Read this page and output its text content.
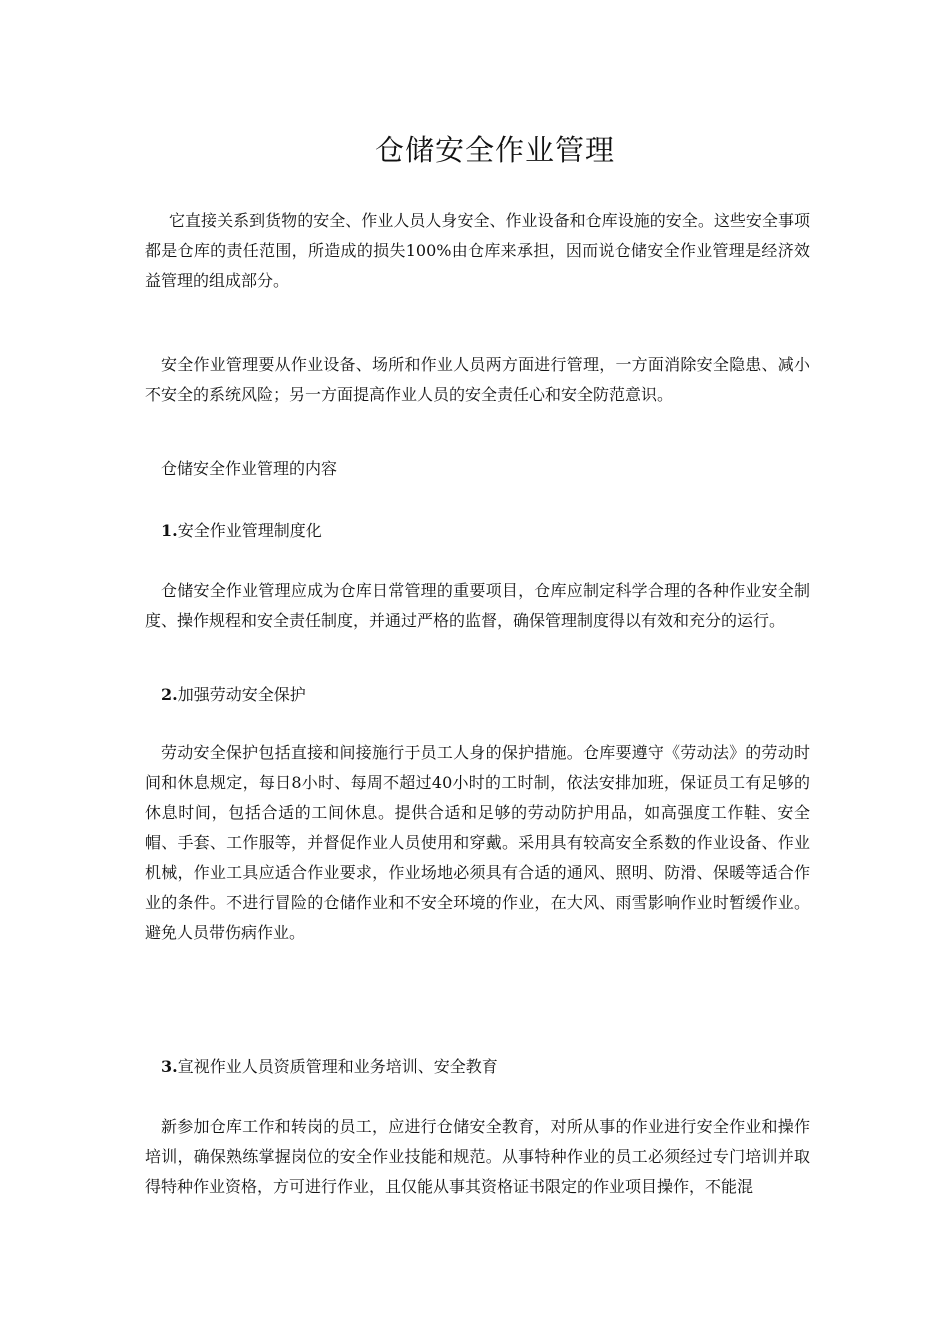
仓储安全作业管理

它直接关系到货物的安全、作业人员人身安全、作业设备和仓库设施的安全。这些安全事项都是仓库的责任范围，所造成的损失100%由仓库来承担，因而说仓储安全作业管理是经济效益管理的组成部分。

安全作业管理要从作业设备、场所和作业人员两方面进行管理，一方面消除安全隐患、减小不安全的系统风险；另一方面提高作业人员的安全责任心和安全防范意识。

仓储安全作业管理的内容

1.安全作业管理制度化

仓储安全作业管理应成为仓库日常管理的重要项目，仓库应制定科学合理的各种作业安全制度、操作规程和安全责任制度，并通过严格的监督，确保管理制度得以有效和充分的运行。

2.加强劳动安全保护

劳动安全保护包括直接和间接施行于员工人身的保护措施。仓库要遵守《劳动法》的劳动时间和休息规定，每日8小时、每周不超过40小时的工时制，依法安排加班，保证员工有足够的休息时间，包括合适的工间休息。提供合适和足够的劳动防护用品，如高强度工作鞋、安全帽、手套、工作服等，并督促作业人员使用和穿戴。采用具有较高安全系数的作业设备、作业机械，作业工具应适合作业要求，作业场地必须具有合适的通风、照明、防滑、保暖等适合作业的条件。不进行冒险的仓储作业和不安全环境的作业，在大风、雨雪影响作业时暂缓作业。避免人员带伤病作业。

3.宣视作业人员资质管理和业务培训、安全教育

新参加仓库工作和转岗的员工，应进行仓储安全教育，对所从事的作业进行安全作业和操作培训，确保熟练掌握岗位的安全作业技能和规范。从事特种作业的员工必须经过专门培训并取得特种作业资格，方可进行作业，且仅能从事其资格证书限定的作业项目操作，不能混
